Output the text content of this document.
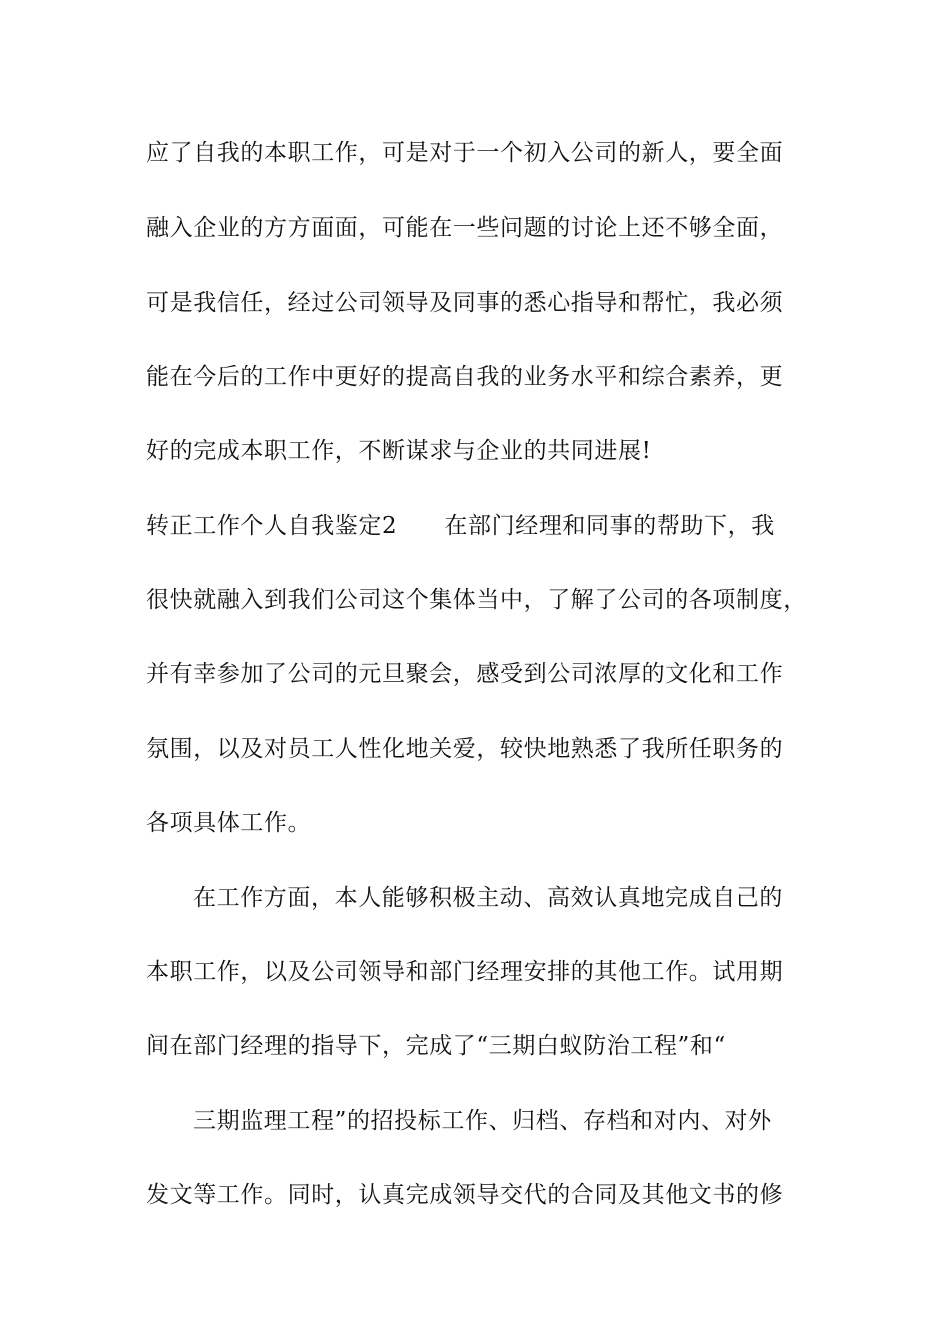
应了自我的本职工作，可是对于一个初入公司的新人，要全面

融入企业的方方面面，可能在一些问题的讨论上还不够全面，

可是我信任，经过公司领导及同事的悉心指导和帮忙，我必须

能在今后的工作中更好的提高自我的业务水平和综合素养，更

好的完成本职工作，不断谋求与企业的共同进展!

转正工作个人自我鉴定2　　在部门经理和同事的帮助下，我

很快就融入到我们公司这个集体当中，了解了公司的各项制度，

并有幸参加了公司的元旦聚会，感受到公司浓厚的文化和工作

氛围，以及对员工人性化地关爱，较快地熟悉了我所任职务的

各项具体工作。

在工作方面，本人能够积极主动、高效认真地完成自己的

本职工作，以及公司领导和部门经理安排的其他工作。试用期

间在部门经理的指导下，完成了“三期白蚁防治工程”和“

三期监理工程”的招投标工作、归档、存档和对内、对外

发文等工作。同时，认真完成领导交代的合同及其他文书的修
